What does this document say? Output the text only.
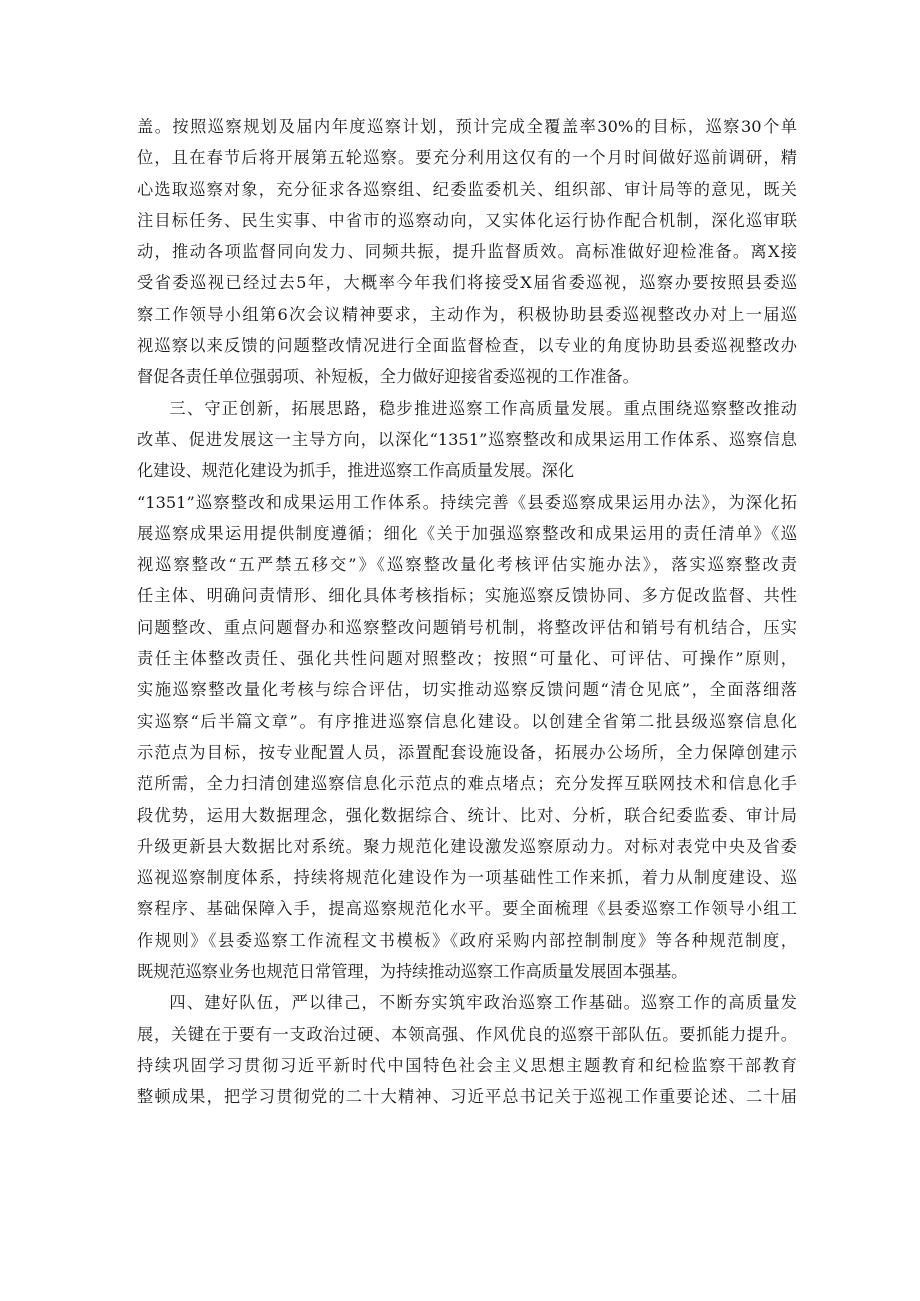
盖。按照巡察规划及届内年度巡察计划，预计完成全覆盖率30%的目标，巡察30个单
位，且在春节后将开展第五轮巡察。要充分利用这仅有的一个月时间做好巡前调研，精
心选取巡察对象，充分征求各巡察组、纪委监委机关、组织部、审计局等的意见，既关
注目标任务、民生实事、中省市的巡察动向，又实体化运行协作配合机制，深化巡审联
动，推动各项监督同向发力、同频共振，提升监督质效。高标准做好迎检准备。离X接
受省委巡视已经过去5年，大概率今年我们将接受X届省委巡视，巡察办要按照县委巡
察工作领导小组第6次会议精神要求，主动作为，积极协助县委巡视整改办对上一届巡
视巡察以来反馈的问题整改情况进行全面监督检查，以专业的角度协助县委巡视整改办
督促各责任单位强弱项、补短板，全力做好迎接省委巡视的工作准备。
三、守正创新，拓展思路，稳步推进巡察工作高质量发展。重点围绕巡察整改推动
改革、促进发展这一主导方向，以深化“1351”巡察整改和成果运用工作体系、巡察信息
化建设、规范化建设为抓手，推进巡察工作高质量发展。深化
“1351”巡察整改和成果运用工作体系。持续完善《县委巡察成果运用办法》，为深化拓
展巡察成果运用提供制度遵循；细化《关于加强巡察整改和成果运用的责任清单》《巡
视巡察整改“五严禁五移交”》《巡察整改量化考核评估实施办法》，落实巡察整改责
任主体、明确问责情形、细化具体考核指标；实施巡察反馈协同、多方促改监督、共性
问题整改、重点问题督办和巡察整改问题销号机制，将整改评估和销号有机结合，压实
责任主体整改责任、强化共性问题对照整改；按照“可量化、可评估、可操作”原则，
实施巡察整改量化考核与综合评估，切实推动巡察反馈问题“清仓见底”，全面落细落
实巡察“后半篇文章”。有序推进巡察信息化建设。以创建全省第二批县级巡察信息化
示范点为目标，按专业配置人员，添置配套设施设备，拓展办公场所，全力保障创建示
范所需，全力扫清创建巡察信息化示范点的难点堵点；充分发挥互联网技术和信息化手
段优势，运用大数据理念，强化数据综合、统计、比对、分析，联合纪委监委、审计局
升级更新县大数据比对系统。聚力规范化建设激发巡察原动力。对标对表党中央及省委
巡视巡察制度体系，持续将规范化建设作为一项基础性工作来抓，着力从制度建设、巡
察程序、基础保障入手，提高巡察规范化水平。要全面梳理《县委巡察工作领导小组工
作规则》《县委巡察工作流程文书模板》《政府采购内部控制制度》等各种规范制度，
既规范巡察业务也规范日常管理，为持续推动巡察工作高质量发展固本强基。
四、建好队伍，严以律己，不断夯实筑牢政治巡察工作基础。巡察工作的高质量发
展，关键在于要有一支政治过硬、本领高强、作风优良的巡察干部队伍。要抓能力提升。
持续巩固学习贯彻习近平新时代中国特色社会主义思想主题教育和纪检监察干部教育
整顿成果，把学习贯彻党的二十大精神、习近平总书记关于巡视工作重要论述、二十届
